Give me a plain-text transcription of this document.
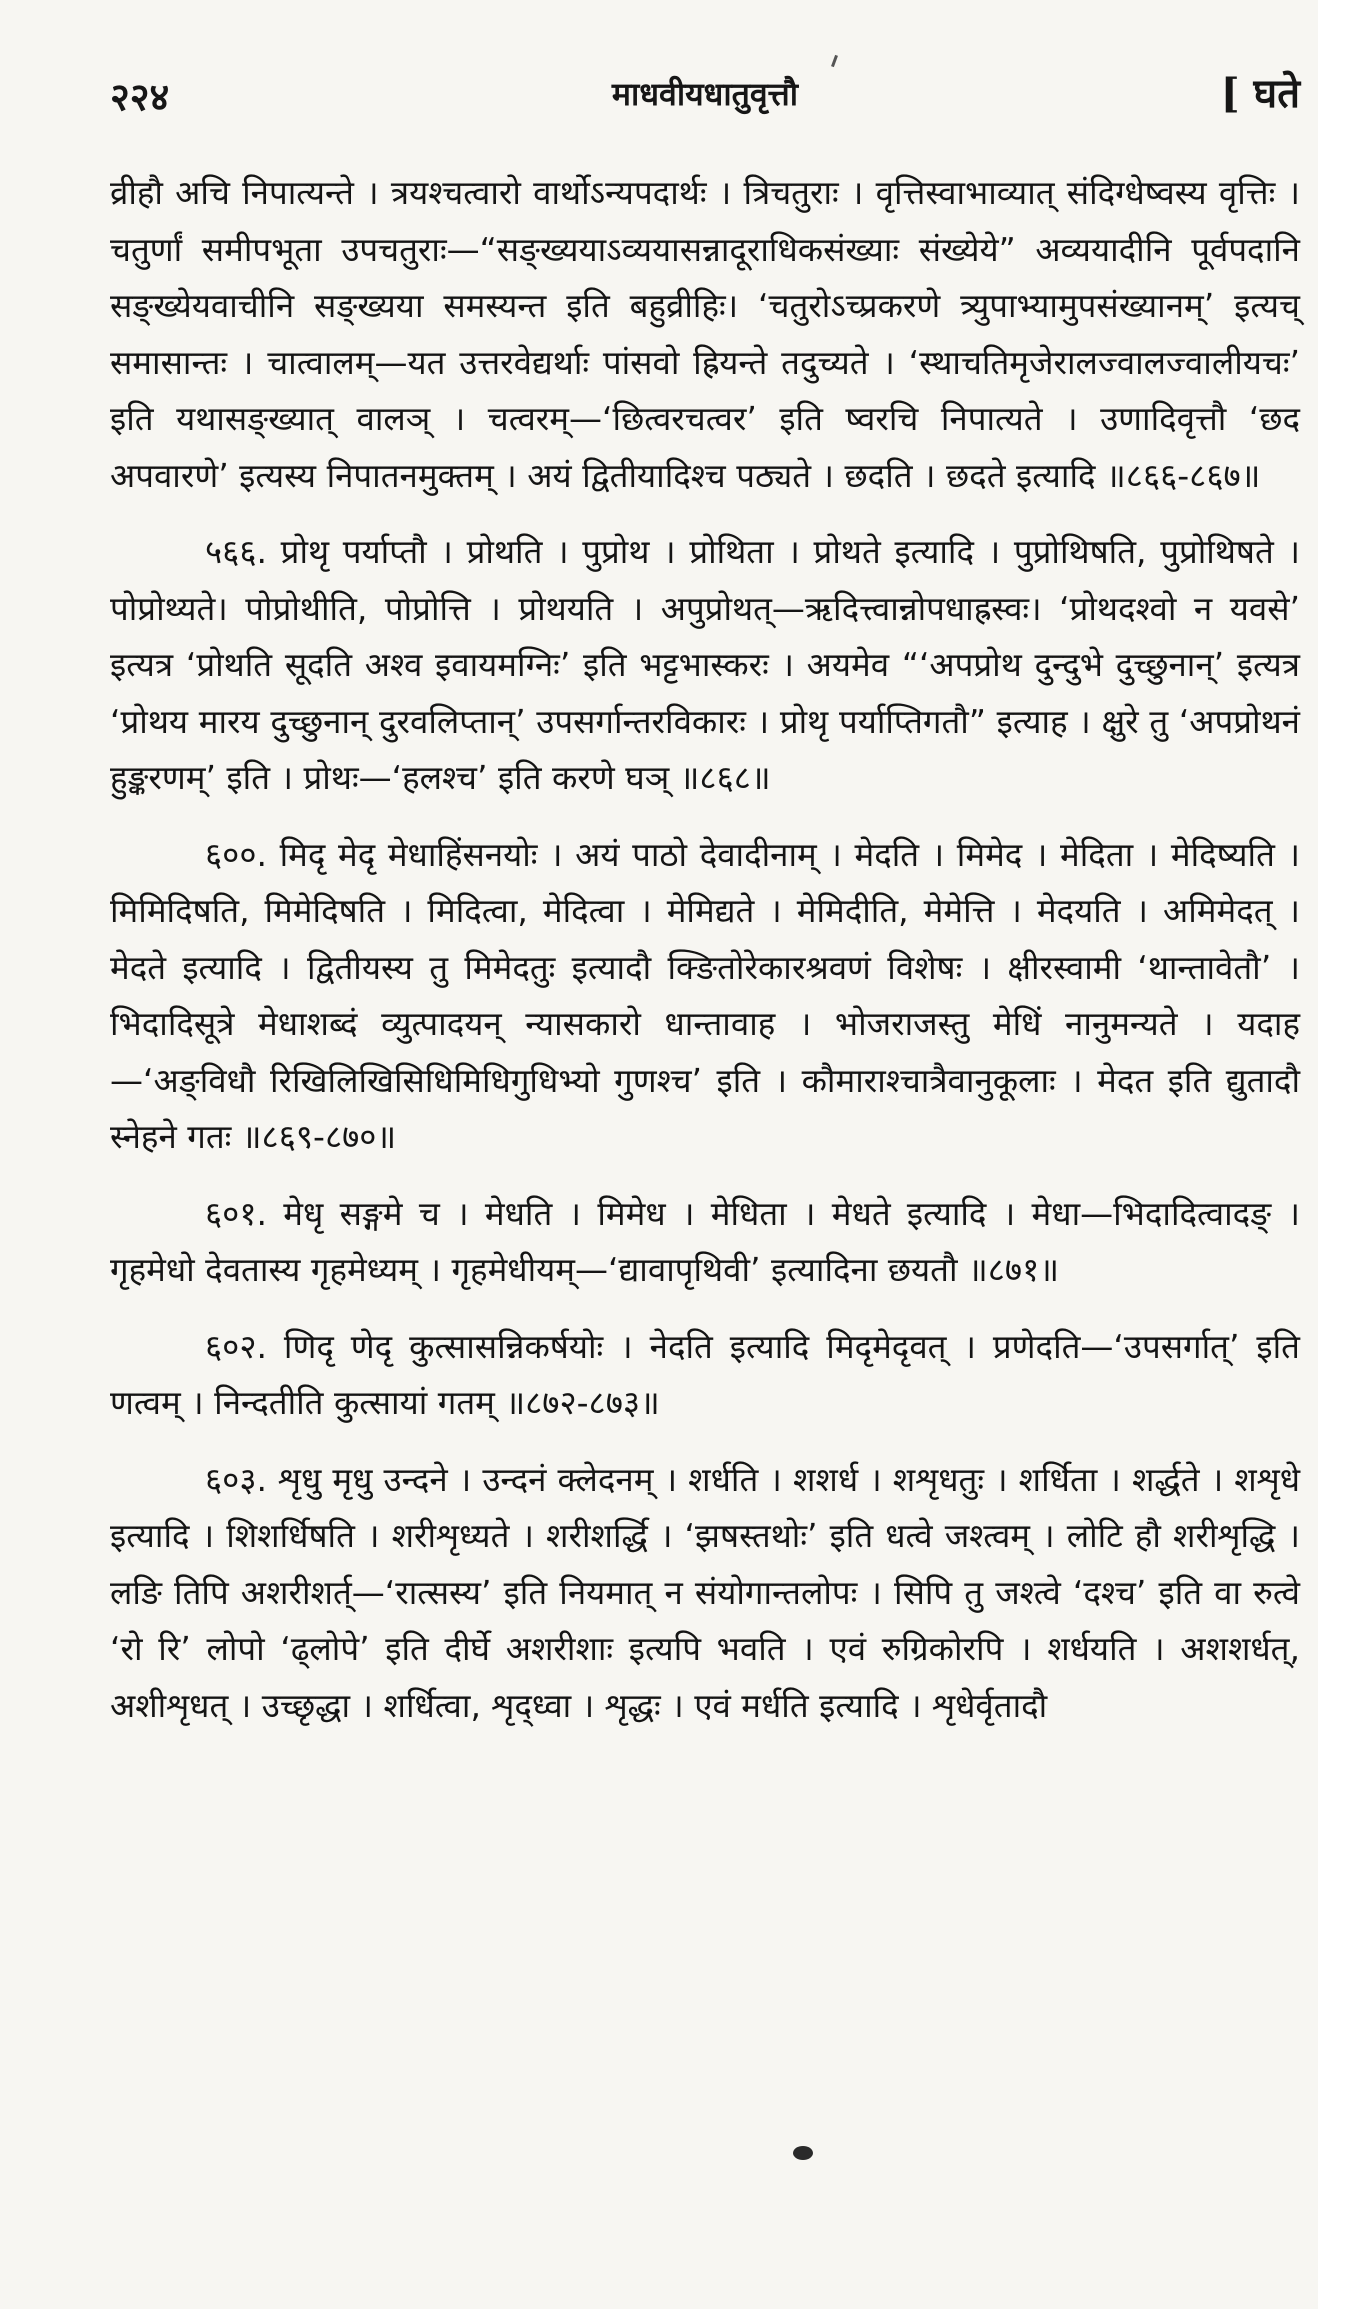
२२४	माधवीयधातुवृत्तौ	[ घते

व्रीहौ अचि निपात्यन्ते । त्रयश्चत्वारो वार्थोऽन्यपदार्थः । त्रिचतुराः । वृत्तिस्वाभाव्यात् संदिग्धेष्वस्य वृत्तिः । चतुर्णां समीपभूता उपचतुराः—“सङ्ख्ययाऽव्ययासन्नादूराधिकसंख्याः संख्येये” अव्ययादीनि पूर्वपदानि सङ्ख्येयवाचीनि सङ्ख्यया समस्यन्त इति बहुव्रीहिः। ‘चतुरोऽच्प्रकरणे त्र्युपाभ्यामुपसंख्यानम्’ इत्यच् समासान्तः । चात्वालम्—यत उत्तरवेद्यर्थाः पांसवो ह्रियन्ते तदुच्यते । ‘स्थाचतिमृजेरालज्वालज्वालीयचः’ इति यथासङ्ख्यात् वालञ् । चत्वरम्—‘छित्वरचत्वर’ इति ष्वरचि निपात्यते । उणादिवृत्तौ ‘छद अपवारणे’ इत्यस्य निपातनमुक्तम् । अयं द्वितीयादिश्च पठ्यते । छदति । छदते इत्यादि ॥८६६-८६७॥

५६६. प्रोथृ पर्याप्तौ । प्रोथति । पुप्रोथ । प्रोथिता । प्रोथते इत्यादि । पुप्रोथिषति, पुप्रोथिषते । पोप्रोथ्यते। पोप्रोथीति, पोप्रोत्ति । प्रोथयति । अपुप्रोथत्—ऋदित्त्वान्नोपधाह्रस्वः। ‘प्रोथदश्वो न यवसे’ इत्यत्र ‘प्रोथति सूदति अश्व इवायमग्निः’ इति भट्टभास्करः । अयमेव “‘अपप्रोथ दुन्दुभे दुच्छुनान्’ इत्यत्र ‘प्रोथय मारय दुच्छुनान् दुरवलिप्तान्’ उपसर्गान्तरविकारः । प्रोथृ पर्याप्तिगतौ” इत्याह । क्षुरे तु ‘अपप्रोथनं हुङ्करणम्’ इति । प्रोथः—‘हलश्च’ इति करणे घञ् ॥८६८॥

६००. मिदृ मेदृ मेधाहिंसनयोः । अयं पाठो देवादीनाम् । मेदति । मिमेद । मेदिता । मेदिष्यति । मिमिदिषति, मिमेदिषति । मिदित्वा, मेदित्वा । मेमिद्यते । मेमिदीति, मेमेत्ति । मेदयति । अमिमेदत् । मेदते इत्यादि । द्वितीयस्य तु मिमेदतुः इत्यादौ क्ङितोरेकारश्रवणं विशेषः । क्षीरस्वामी ‘थान्तावेतौ’ । भिदादिसूत्रे मेधाशब्दं व्युत्पादयन् न्यासकारो धान्तावाह । भोजराजस्तु मेधिं नानुमन्यते । यदाह—‘अङ्विधौ रिखिलिखिसिधिमिधिगुधिभ्यो गुणश्च’ इति । कौमाराश्चात्रैवानुकूलाः । मेदत इति द्युतादौ स्नेहने गतः ॥८६९-८७०॥

६०१. मेधृ सङ्गमे च । मेधति । मिमेध । मेधिता । मेधते इत्यादि । मेधा—भिदादित्वादङ् । गृहमेधो देवतास्य गृहमेध्यम् । गृहमेधीयम्—‘द्यावापृथिवी’ इत्यादिना छयतौ ॥८७१॥

६०२. णिदृ णेदृ कुत्सासन्निकर्षयोः । नेदति इत्यादि मिदृमेदृवत् । प्रणेदति—‘उपसर्गात्’ इति णत्वम् । निन्दतीति कुत्सायां गतम् ॥८७२-८७३॥

६०३. शृधु मृधु उन्दने । उन्दनं क्लेदनम् । शर्धति । शशर्ध । शशृधतुः । शर्धिता । शर्द्धते । शशृधे इत्यादि । शिशर्धिषति । शरीशृध्यते । शरीशर्द्धि । ‘झषस्तथोः’ इति धत्वे जश्त्वम् । लोटि हौ शरीशृद्धि । लङि तिपि अशरीशर्त्—‘रात्सस्य’ इति नियमात् न संयोगान्तलोपः । सिपि तु जश्त्वे ‘दश्च’ इति वा रुत्वे ‘रो रि’ लोपो ‘ढ्लोपे’ इति दीर्घे अशरीशाः इत्यपि भवति । एवं रुग्रिकोरपि । शर्धयति । अशशर्धत्, अशीशृधत् । उच्छृद्धा । शर्धित्वा, शृद्ध्वा । शृद्धः । एवं मर्धति इत्यादि । शृधेर्वृतादौ
